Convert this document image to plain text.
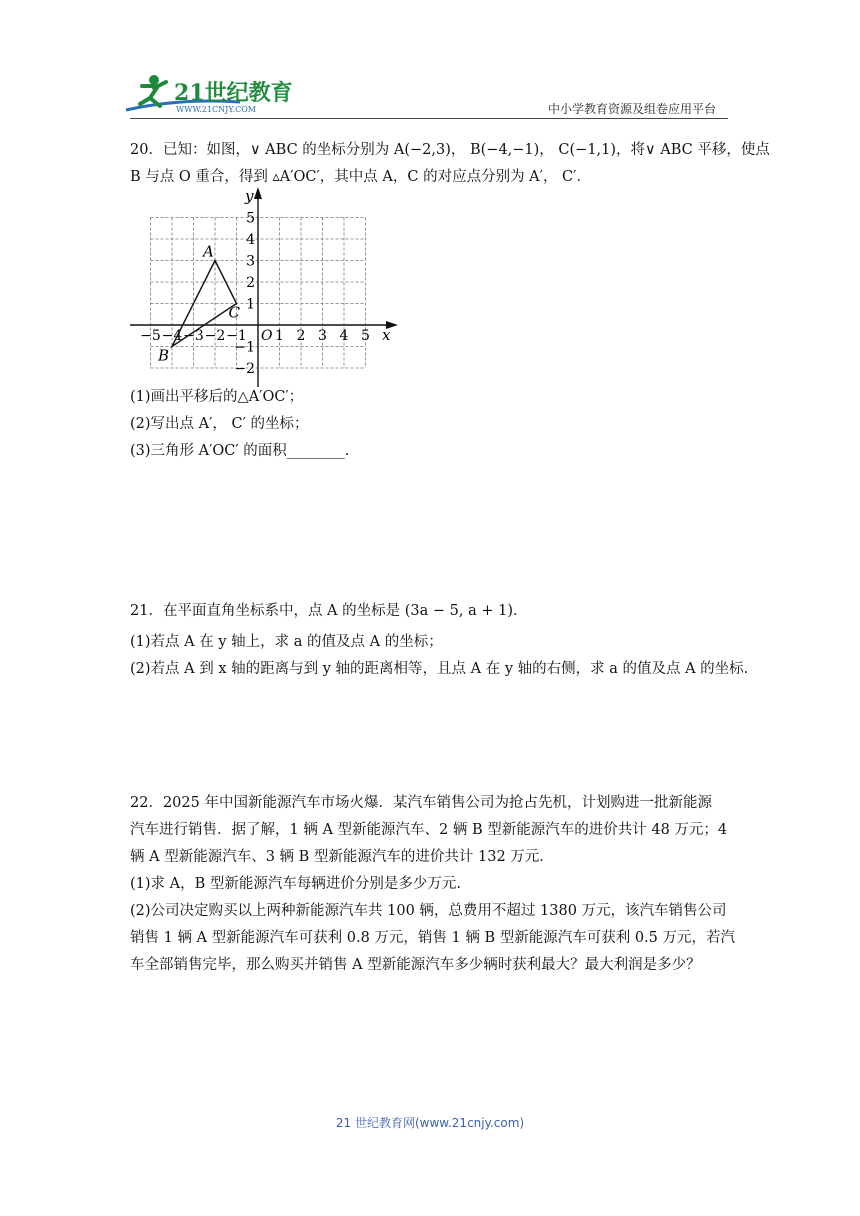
21世纪教育
WWW.21CNJY.COM	中小学教育资源及组卷应用平台
20．已知：如图，∨ ABC 的坐标分别为 A(−2,3)， B(−4,−1)， C(−1,1)，将∨ ABC 平移，使点
B 与点 O 重合，得到 ▵A′OC′，其中点 A，C 的对应点分别为 A′， C′．
y
x
O
−5 −4 −3 −2 −1 1 2 3 4 5
5
4
3
2
1
−1
−2
A
B
C
(1)画出平移后的△A′OC′；
(2)写出点 A′， C′ 的坐标；
(3)三角形 A′OC′ 的面积________.
21．在平面直角坐标系中，点 A 的坐标是 (3a − 5, a + 1)．
(1)若点 A 在 y 轴上，求 a 的值及点 A 的坐标；
(2)若点 A 到 x 轴的距离与到 y 轴的距离相等，且点 A 在 y 轴的右侧，求 a 的值及点 A 的坐标.
22．2025 年中国新能源汽车市场火爆．某汽车销售公司为抢占先机，计划购进一批新能源
汽车进行销售．据了解，1 辆 A 型新能源汽车、2 辆 B 型新能源汽车的进价共计 48 万元；4
辆 A 型新能源汽车、3 辆 B 型新能源汽车的进价共计 132 万元．
(1)求 A，B 型新能源汽车每辆进价分别是多少万元.
(2)公司决定购买以上两种新能源汽车共 100 辆，总费用不超过 1380 万元，该汽车销售公司
销售 1 辆 A 型新能源汽车可获利 0.8 万元，销售 1 辆 B 型新能源汽车可获利 0.5 万元，若汽
车全部销售完毕，那么购买并销售 A 型新能源汽车多少辆时获利最大？最大利润是多少？
21 世纪教育网(www.21cnjy.com)
